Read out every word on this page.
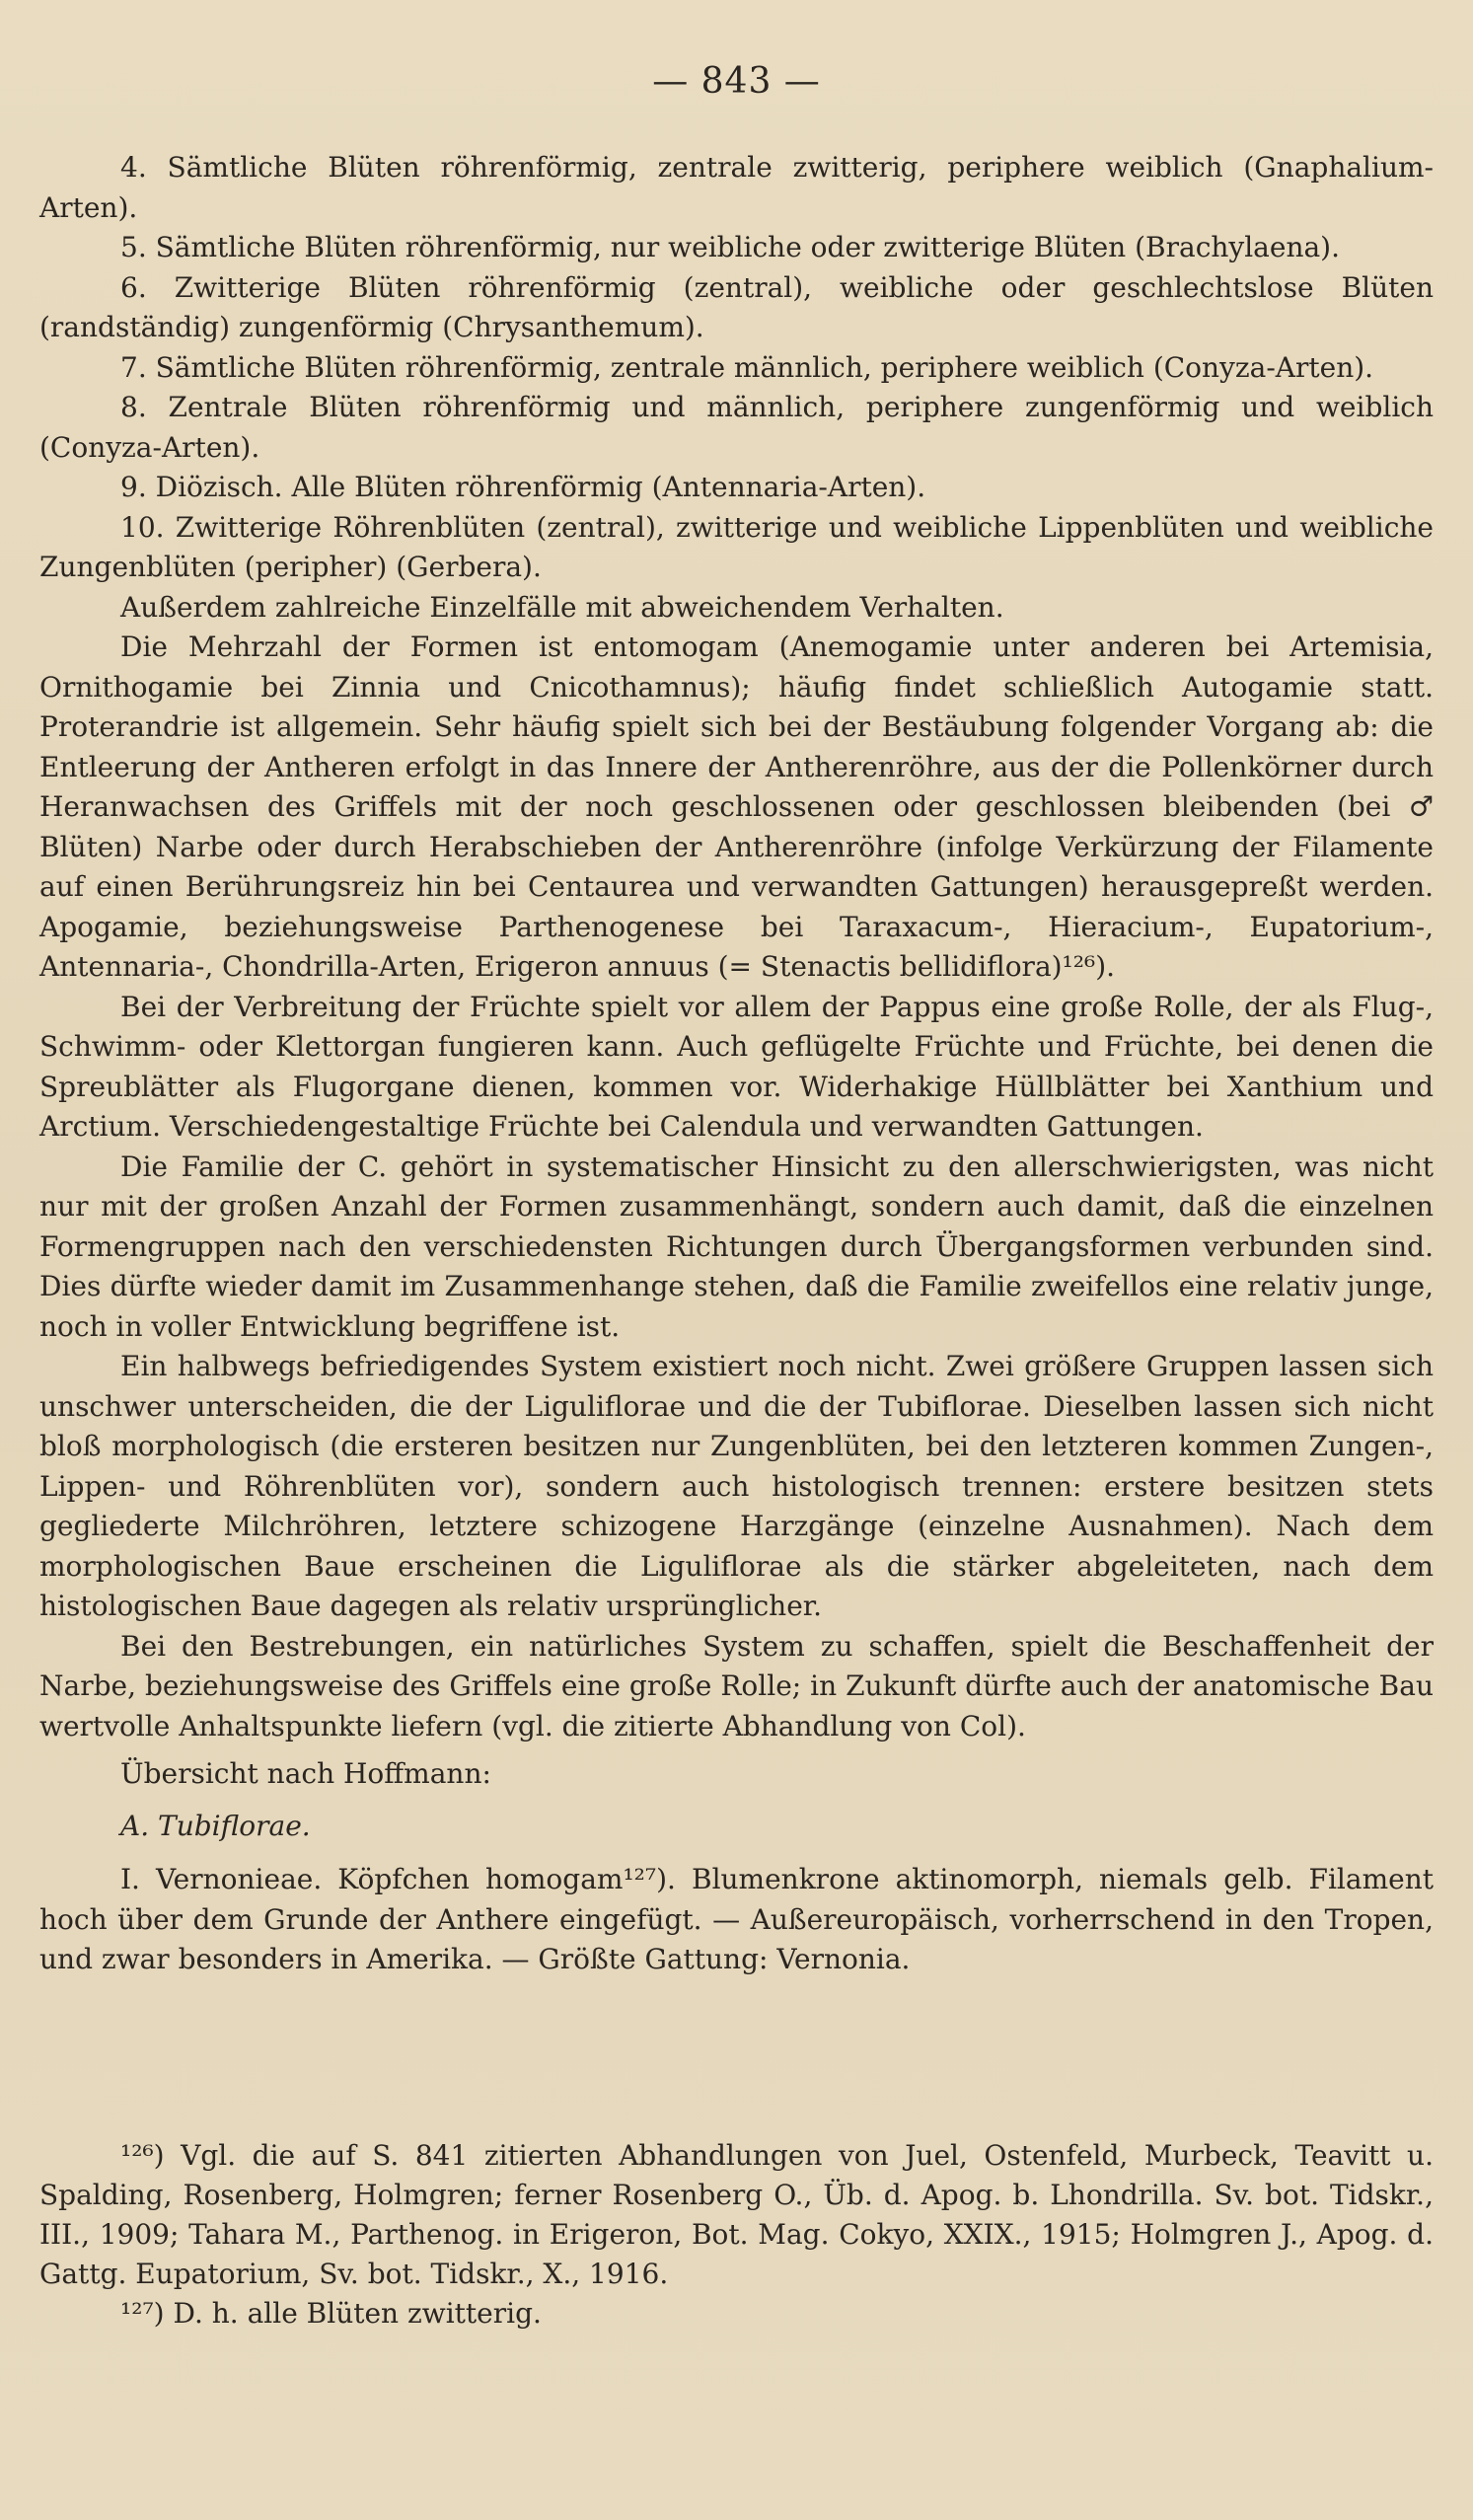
— 843 —

4. Sämtliche Blüten röhrenförmig, zentrale zwitterig, periphere weiblich (Gnaphalium-Arten).

5. Sämtliche Blüten röhrenförmig, nur weibliche oder zwitterige Blüten (Brachylaena).

6. Zwitterige Blüten röhrenförmig (zentral), weibliche oder geschlechtslose Blüten (randständig) zungenförmig (Chrysanthemum).

7. Sämtliche Blüten röhrenförmig, zentrale männlich, periphere weiblich (Conyza-Arten).

8. Zentrale Blüten röhrenförmig und männlich, periphere zungenförmig und weiblich (Conyza-Arten).

9. Diözisch. Alle Blüten röhrenförmig (Antennaria-Arten).

10. Zwitterige Röhrenblüten (zentral), zwitterige und weibliche Lippenblüten und weibliche Zungenblüten (peripher) (Gerbera).

Außerdem zahlreiche Einzelfälle mit abweichendem Verhalten.

Die Mehrzahl der Formen ist entomogam (Anemogamie unter anderen bei Artemisia, Ornithogamie bei Zinnia und Cnicothamnus); häufig findet schließlich Autogamie statt. Proterandrie ist allgemein. Sehr häufig spielt sich bei der Bestäubung folgender Vorgang ab: die Entleerung der Antheren erfolgt in das Innere der Antherenröhre, aus der die Pollenkörner durch Heranwachsen des Griffels mit der noch geschlossenen oder geschlossen bleibenden (bei ♂ Blüten) Narbe oder durch Herabschieben der Antherenröhre (infolge Verkürzung der Filamente auf einen Berührungsreiz hin bei Centaurea und verwandten Gattungen) herausgepreßt werden. Apogamie, beziehungsweise Parthenogenese bei Taraxacum-, Hieracium-, Eupatorium-, Antennaria-, Chondrilla-Arten, Erigeron annuus (= Stenactis bellidiflora)¹²⁶).

Bei der Verbreitung der Früchte spielt vor allem der Pappus eine große Rolle, der als Flug-, Schwimm- oder Klettorgan fungieren kann. Auch geflügelte Früchte und Früchte, bei denen die Spreublätter als Flugorgane dienen, kommen vor. Widerhakige Hüllblätter bei Xanthium und Arctium. Verschiedengestaltige Früchte bei Calendula und verwandten Gattungen.

Die Familie der C. gehört in systematischer Hinsicht zu den allerschwierigsten, was nicht nur mit der großen Anzahl der Formen zusammenhängt, sondern auch damit, daß die einzelnen Formengruppen nach den verschiedensten Richtungen durch Übergangsformen verbunden sind. Dies dürfte wieder damit im Zusammenhange stehen, daß die Familie zweifellos eine relativ junge, noch in voller Entwicklung begriffene ist.

Ein halbwegs befriedigendes System existiert noch nicht. Zwei größere Gruppen lassen sich unschwer unterscheiden, die der Liguliflorae und die der Tubiflorae. Dieselben lassen sich nicht bloß morphologisch (die ersteren besitzen nur Zungenblüten, bei den letzteren kommen Zungen-, Lippen- und Röhrenblüten vor), sondern auch histologisch trennen: erstere besitzen stets gegliederte Milchröhren, letztere schizogene Harzgänge (einzelne Ausnahmen). Nach dem morphologischen Baue erscheinen die Liguliflorae als die stärker abgeleiteten, nach dem histologischen Baue dagegen als relativ ursprünglicher.

Bei den Bestrebungen, ein natürliches System zu schaffen, spielt die Beschaffenheit der Narbe, beziehungsweise des Griffels eine große Rolle; in Zukunft dürfte auch der anatomische Bau wertvolle Anhaltspunkte liefern (vgl. die zitierte Abhandlung von Col).

Übersicht nach Hoffmann:

A. Tubiflorae.

I. Vernonieae. Köpfchen homogam¹²⁷). Blumenkrone aktinomorph, niemals gelb. Filament hoch über dem Grunde der Anthere eingefügt. — Außereuropäisch, vorherrschend in den Tropen, und zwar besonders in Amerika. — Größte Gattung: Vernonia.

¹²⁶) Vgl. die auf S. 841 zitierten Abhandlungen von Juel, Ostenfeld, Murbeck, Teavitt u. Spalding, Rosenberg, Holmgren; ferner Rosenberg O., Üb. d. Apog. b. Lhondrilla. Sv. bot. Tidskr., III., 1909; Tahara M., Parthenog. in Erigeron, Bot. Mag. Cokyo, XXIX., 1915; Holmgren J., Apog. d. Gattg. Eupatorium, Sv. bot. Tidskr., X., 1916.

¹²⁷) D. h. alle Blüten zwitterig.
